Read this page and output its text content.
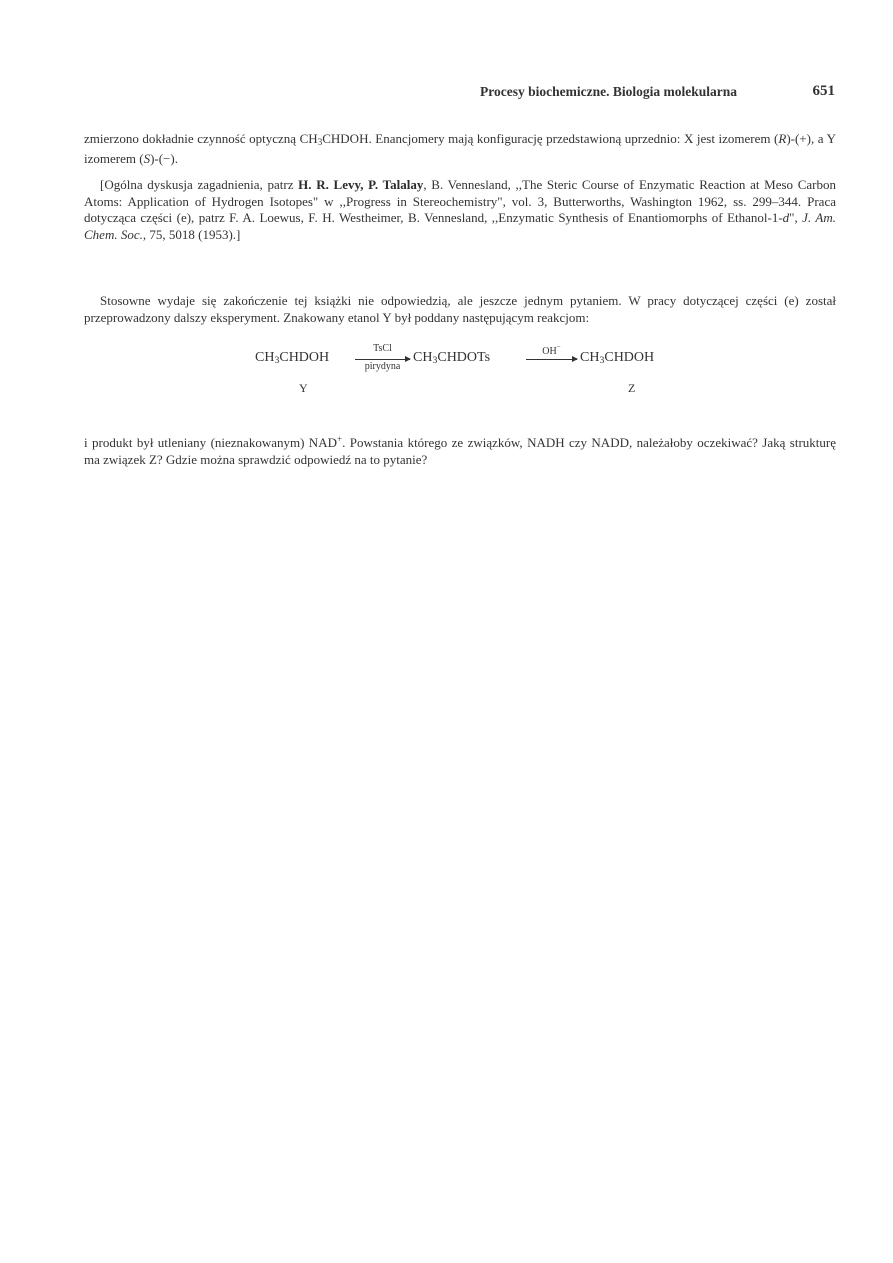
Procesy biochemiczne. Biologia molekularna	651

zmierzono dokładnie czynność optyczną $CH_3CHDOH$. Enancjomery mają konfigurację przedstawioną uprzednio: X jest izomerem (R)-(+), a Y izomerem (S)-(−).

[Ogólna dyskusja zagadnienia, patrz H. R. Levy, P. Talalay, B. Vennesland, ,,The Steric Course of Enzymatic Reaction at Meso Carbon Atoms: Application of Hydrogen Isotopes" w ,,Progress in Stereochemistry", vol. 3, Butterworths, Washington 1962, ss. 299–344. Praca dotycząca części (e), patrz F. A. Loewus, F. H. Westheimer, B. Vennesland, ,,Enzymatic Synthesis of Enantiomorphs of Ethanol-1-d", J. Am. Chem. Soc., 75, 5018 (1953).]

Stosowne wydaje się zakończenie tej książki nie odpowiedzią, ale jeszcze jednym pytaniem. W pracy dotyczącej części (e) został przeprowadzony dalszy eksperyment. Znakowany etanol Y był poddany następującym reakcjom:

$CH_3CHDOH$
TsCl
pirydyna
$CH_3CHDOTs$	OH−
$CH_3CHDOH$
Y	Z

i produkt był utleniany (nieznakowanym) NAD+. Powstania którego ze związków, NADH czy NADD, należałoby oczekiwać? Jaką strukturę ma związek Z? Gdzie można sprawdzić odpowiedź na to pytanie?
